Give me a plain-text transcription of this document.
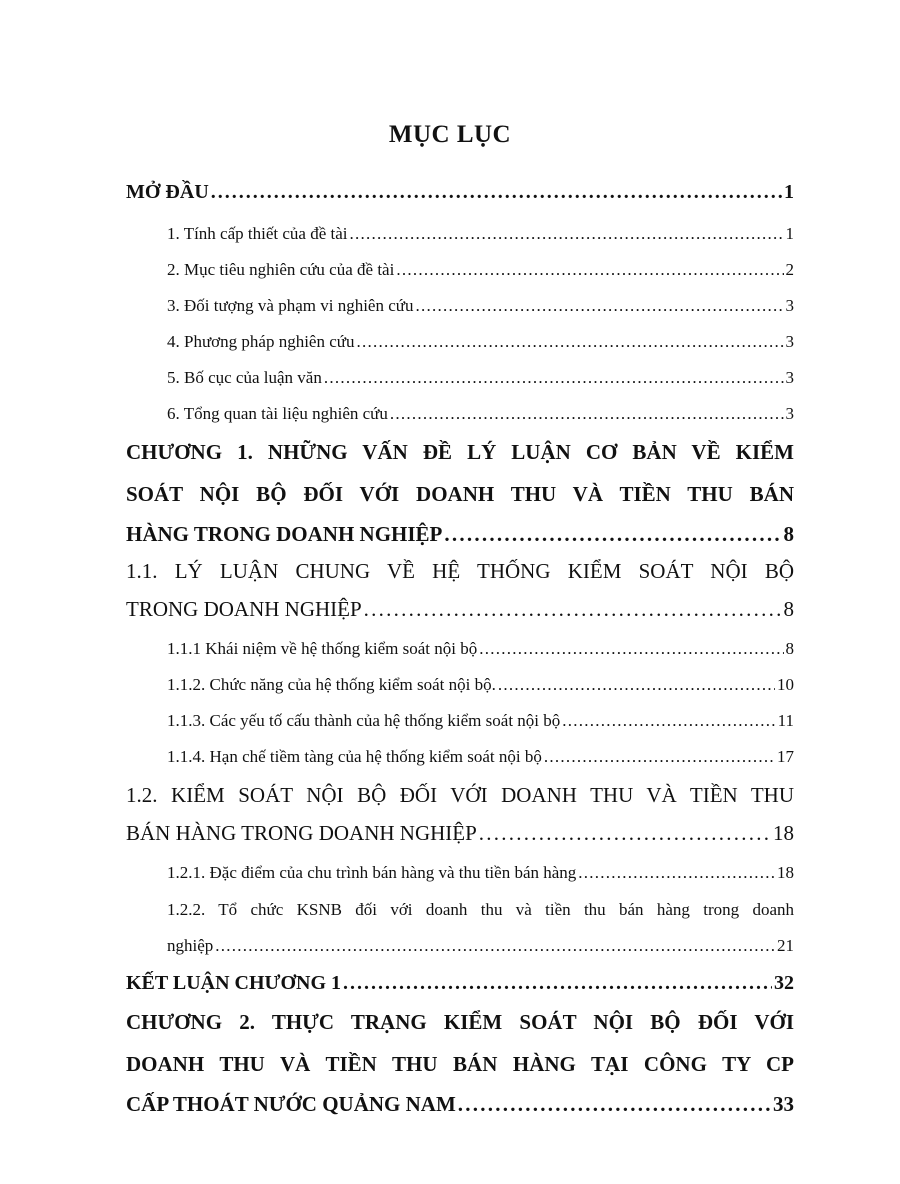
MỤC LỤC
MỞ ĐẦU . . .	1
1. Tính cấp thiết của đề tài . . .	1
2. Mục tiêu nghiên cứu của đề tài . . .	2
3. Đối tượng và phạm vi nghiên cứu . . .	3
4. Phương pháp nghiên cứu . . .	3
5. Bố cục của luận văn . . .	3
6. Tổng quan tài liệu nghiên cứu . . .	3
CHƯƠNG 1. NHỮNG VẤN ĐỀ LÝ LUẬN CƠ BẢN VỀ KIỂM
SOÁT NỘI BỘ ĐỐI VỚI DOANH THU VÀ TIỀN THU BÁN
HÀNG TRONG DOANH NGHIỆP . . .	8
1.1. LÝ LUẬN CHUNG VỀ HỆ THỐNG KIỂM SOÁT NỘI BỘ
TRONG DOANH NGHIỆP . . .	8
1.1.1 Khái niệm về hệ thống kiểm soát nội bộ . . .	8
1.1.2. Chức năng của hệ thống kiểm soát nội bộ. . . .	10
1.1.3. Các yếu tố cấu thành của hệ thống kiểm soát nội bộ . . .	11
1.1.4. Hạn chế tiềm tàng của hệ thống kiểm soát nội bộ . . .	17
1.2. KIỂM SOÁT NỘI BỘ ĐỐI VỚI DOANH THU VÀ TIỀN THU
BÁN HÀNG TRONG DOANH NGHIỆP . . .	18
1.2.1. Đặc điểm của chu trình bán hàng và thu tiền bán hàng . . .	18
1.2.2. Tổ chức KSNB đối với doanh thu và tiền thu bán hàng trong doanh
nghiệp . . .	21
KẾT LUẬN CHƯƠNG 1 . . .	32
CHƯƠNG 2. THỰC TRẠNG KIỂM SOÁT NỘI BỘ ĐỐI VỚI
DOANH THU VÀ TIỀN THU BÁN HÀNG TẠI CÔNG TY CP
CẤP THOÁT NƯỚC QUẢNG NAM . . .	33
